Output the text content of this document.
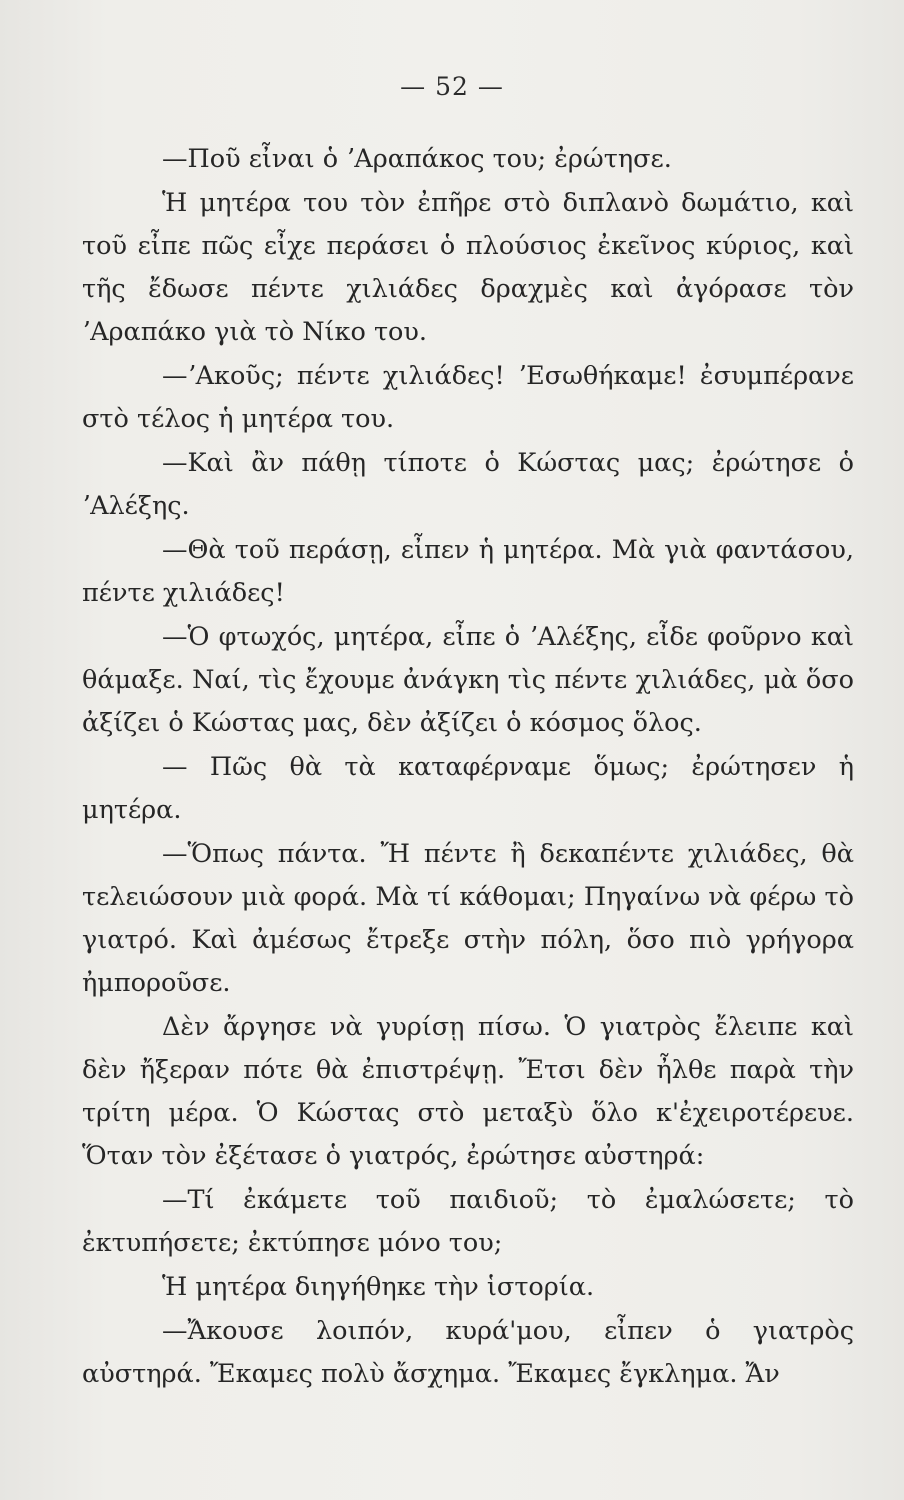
— 52 —

—Ποῦ εἶναι ὁ ʼΑραπάκος του; ἐρώτησε.

Ἡ μητέρα του τὸν ἐπῆρε στὸ διπλανὸ δωμάτιο, καὶ τοῦ εἶπε πῶς εἶχε περάσει ὁ πλούσιος ἐκεῖνος κύριος, καὶ τῆς ἔδωσε πέντε χιλιάδες δραχμὲς καὶ ἀγόρασε τὸν ʼΑραπάκο γιὰ τὸ Νίκο του.

—ʼΑκοῦς; πέντε χιλιάδες! ʼΕσωθήκαμε! ἐσυμπέρανε στὸ τέλος ἡ μητέρα του.

—Καὶ ἂν πάθῃ τίποτε ὁ Κώστας μας; ἐρώτησε ὁ ʼΑλέξης.

—Θὰ τοῦ περάσῃ, εἶπεν ἡ μητέρα. Μὰ γιὰ φαντάσου, πέντε χιλιάδες!

—Ὁ φτωχός, μητέρα, εἶπε ὁ ʼΑλέξης, εἶδε φοῦρνο καὶ θάμαξε. Ναί, τὶς ἔχουμε ἀνάγκη τὶς πέντε χιλιάδες, μὰ ὅσο ἀξίζει ὁ Κώστας μας, δὲν ἀξίζει ὁ κόσμος ὅλος.

— Πῶς θὰ τὰ καταφέρναμε ὅμως; ἐρώτησεν ἡ μητέρα.

—Ὅπως πάντα. Ἤ πέντε ἢ δεκαπέντε χιλιάδες, θὰ τελειώσουν μιὰ φορά. Μὰ τί κάθομαι; Πηγαίνω νὰ φέρω τὸ γιατρό. Καὶ ἀμέσως ἔτρεξε στὴν πόλη, ὅσο πιὸ γρήγορα ἠμποροῦσε.

Δὲν ἄργησε νὰ γυρίσῃ πίσω. Ὁ γιατρὸς ἔλειπε καὶ δὲν ἤξεραν πότε θὰ ἐπιστρέψῃ. Ἔτσι δὲν ἦλθε παρὰ τὴν τρίτη μέρα. Ὁ Κώστας στὸ μεταξὺ ὅλο κ'ἐχειροτέρευε. Ὅταν τὸν ἐξέτασε ὁ γιατρός, ἐρώτησε αὐστηρά:

—Τί ἐκάμετε τοῦ παιδιοῦ; τὸ ἐμαλώσετε; τὸ ἐκτυπήσετε; ἐκτύπησε μόνο του;

Ἡ μητέρα διηγήθηκε τὴν ἱστορία.

—Ἄκουσε λοιπόν, κυρά'μου, εἶπεν ὁ γιατρὸς αὐστηρά. Ἔκαμες πολὺ ἄσχημα. Ἔκαμες ἔγκλημα. Ἄν
